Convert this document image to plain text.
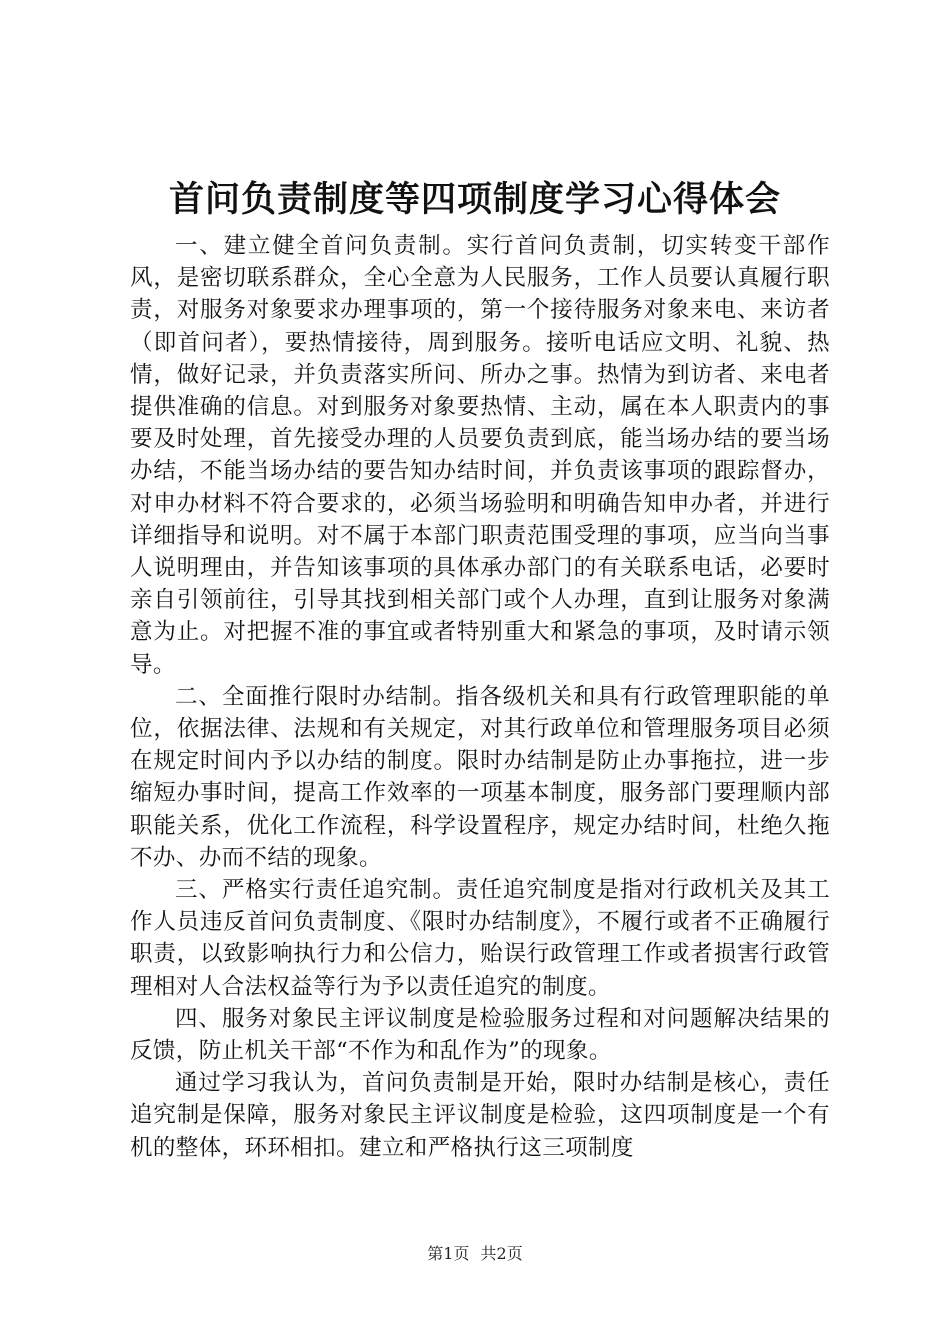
首问负责制度等四项制度学习心得体会

一、建立健全首问负责制。实行首问负责制，切实转变干部作风，是密切联系群众，全心全意为人民服务，工作人员要认真履行职责，对服务对象要求办理事项的，第一个接待服务对象来电、来访者（即首问者），要热情接待，周到服务。接听电话应文明、礼貌、热情，做好记录，并负责落实所问、所办之事。热情为到访者、来电者提供准确的信息。对到服务对象要热情、主动，属在本人职责内的事要及时处理，首先接受办理的人员要负责到底，能当场办结的要当场办结，不能当场办结的要告知办结时间，并负责该事项的跟踪督办，对申办材料不符合要求的，必须当场验明和明确告知申办者，并进行详细指导和说明。对不属于本部门职责范围受理的事项，应当向当事人说明理由，并告知该事项的具体承办部门的有关联系电话，必要时亲自引领前往，引导其找到相关部门或个人办理，直到让服务对象满意为止。对把握不准的事宜或者特别重大和紧急的事项，及时请示领导。

二、全面推行限时办结制。指各级机关和具有行政管理职能的单位，依据法律、法规和有关规定，对其行政单位和管理服务项目必须在规定时间内予以办结的制度。限时办结制是防止办事拖拉，进一步缩短办事时间，提高工作效率的一项基本制度，服务部门要理顺内部职能关系，优化工作流程，科学设置程序，规定办结时间，杜绝久拖不办、办而不结的现象。

三、严格实行责任追究制。责任追究制度是指对行政机关及其工作人员违反首问负责制度、《限时办结制度》，不履行或者不正确履行职责，以致影响执行力和公信力，贻误行政管理工作或者损害行政管理相对人合法权益等行为予以责任追究的制度。

四、服务对象民主评议制度是检验服务过程和对问题解决结果的反馈，防止机关干部“不作为和乱作为”的现象。

通过学习我认为，首问负责制是开始，限时办结制是核心，责任追究制是保障，服务对象民主评议制度是检验，这四项制度是一个有机的整体，环环相扣。建立和严格执行这三项制度

第1页 共2页
